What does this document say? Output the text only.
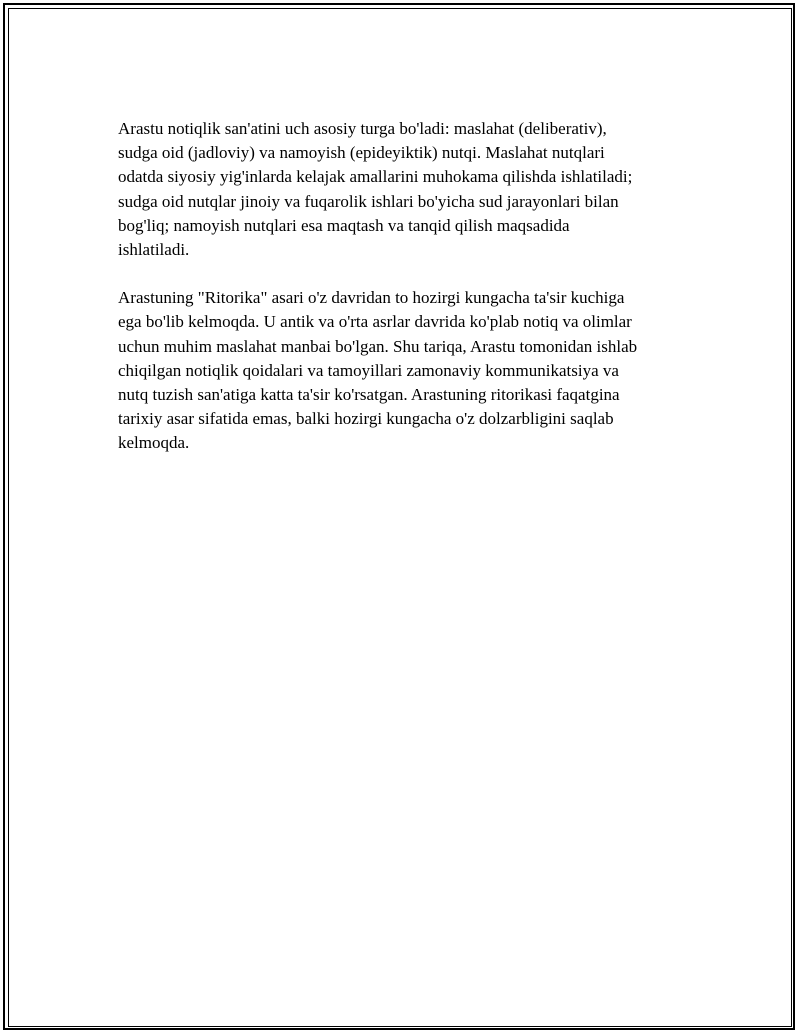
Arastu notiqlik san'atini uch asosiy turga bo'ladi: maslahat (deliberativ),
sudga oid (jadloviy) va namoyish (epideyiktik) nutqi. Maslahat nutqlari
odatda siyosiy yig'inlarda kelajak amallarini muhokama qilishda ishlatiladi;
sudga oid nutqlar jinoiy va fuqarolik ishlari bo'yicha sud jarayonlari bilan
bog'liq; namoyish nutqlari esa maqtash va tanqid qilish maqsadida
ishlatiladi.

Arastuning "Ritorika" asari o'z davridan to hozirgi kungacha ta'sir kuchiga
ega bo'lib kelmoqda. U antik va o'rta asrlar davrida ko'plab notiq va olimlar
uchun muhim maslahat manbai bo'lgan. Shu tariqa, Arastu tomonidan ishlab
chiqilgan notiqlik qoidalari va tamoyillari zamonaviy kommunikatsiya va
nutq tuzish san'atiga katta ta'sir ko'rsatgan. Arastuning ritorikasi faqatgina
tarixiy asar sifatida emas, balki hozirgi kungacha o'z dolzarbligini saqlab
kelmoqda.
